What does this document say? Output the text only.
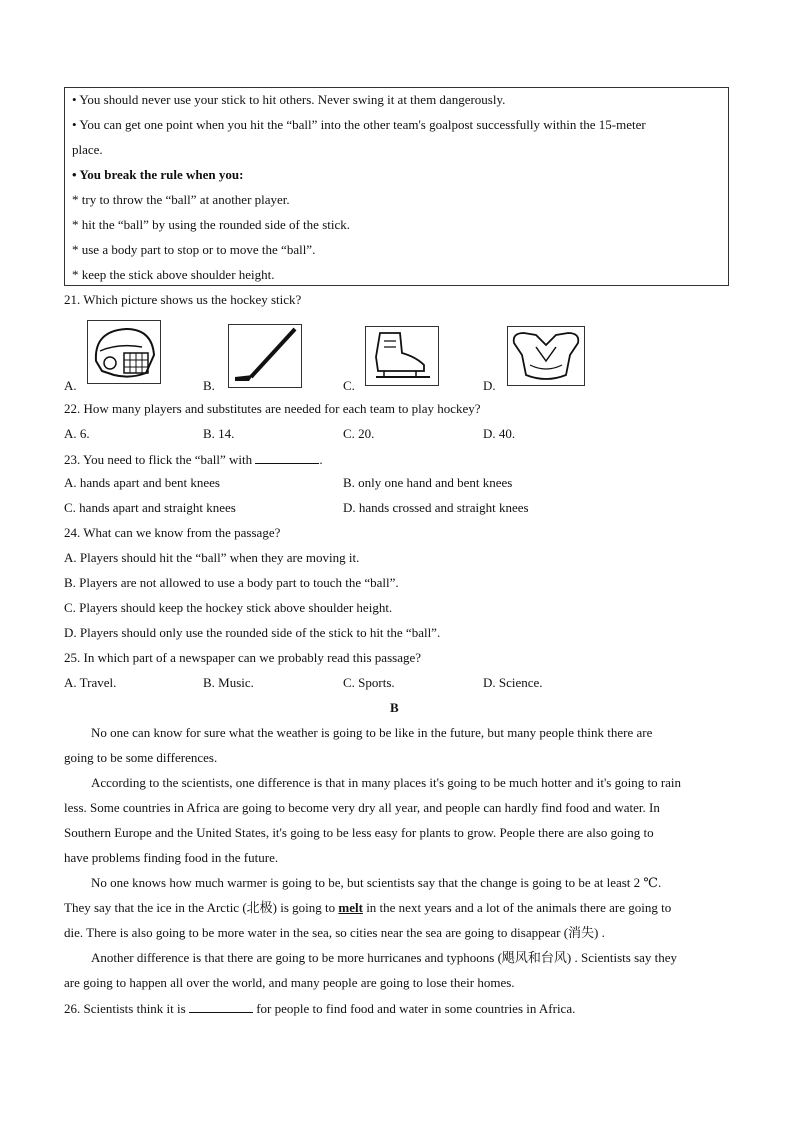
• You should never use your stick to hit others. Never swing it at them dangerously.
• You can get one point when you hit the “ball” into the other team's goalpost successfully within the 15-meter
place.
• You break the rule when you:
* try to throw the “ball” at another player.
* hit the “ball” by using the rounded side of the stick.
* use a body part to stop or to move the “ball”.
* keep the stick above shoulder height.
21. Which picture shows us the hockey stick?
A.	B.	C.	D.
22. How many players and substitutes are needed for each team to play hockey?
A. 6.	B. 14.	C. 20.	D. 40.
23. You need to flick the “ball” with	.
A. hands apart and bent knees	B. only one hand and bent knees
C. hands apart and straight knees	D. hands crossed and straight knees
24. What can we know from the passage?
A. Players should hit the “ball” when they are moving it.
B. Players are not allowed to use a body part to touch the “ball”.
C. Players should keep the hockey stick above shoulder height.
D. Players should only use the rounded side of the stick to hit the “ball”.
25. In which part of a newspaper can we probably read this passage?
A. Travel.	B. Music.	C. Sports.	D. Science.
B
No one can know for sure what the weather is going to be like in the future, but many people think there are
going to be some differences.
According to the scientists, one difference is that in many places it's going to be much hotter and it's going to rain
less. Some countries in Africa are going to become very dry all year, and people can hardly find food and water. In
Southern Europe and the United States, it's going to be less easy for plants to grow. People there are also going to
have problems finding food in the future.
No one knows how much warmer is going to be, but scientists say that the change is going to be at least 2 ℃.
They say that the ice in the Arctic (北极) is going to melt in the next years and a lot of the animals there are going to
die. There is also going to be more water in the sea, so cities near the sea are going to disappear (消失) .
Another difference is that there are going to be more hurricanes and typhoons (飓风和台风) . Scientists say they
are going to happen all over the world, and many people are going to lose their homes.
26. Scientists think it is	for people to find food and water in some countries in Africa.
